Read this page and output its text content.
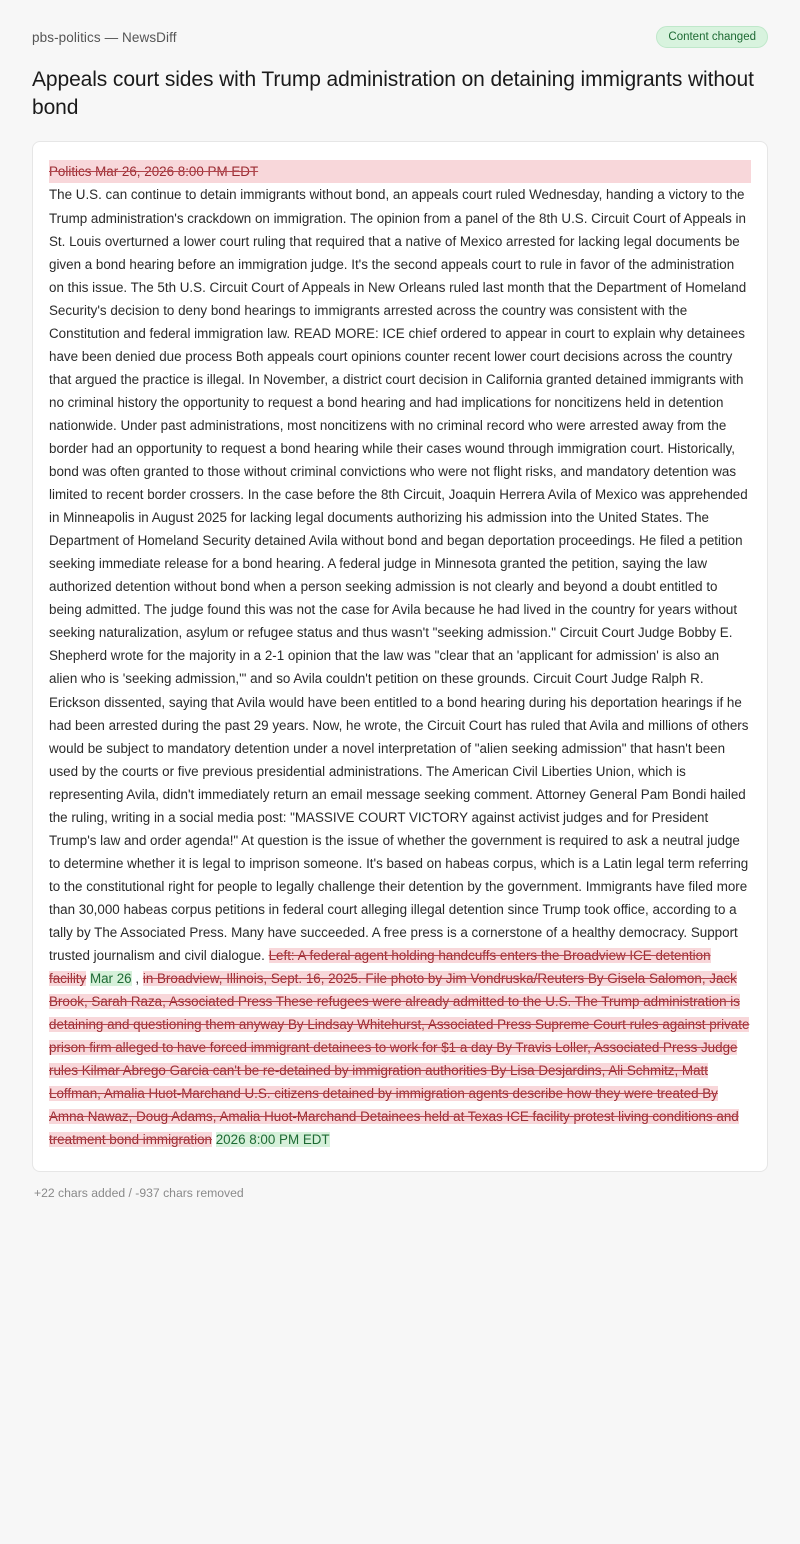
pbs-politics — NewsDiff	Content changed
Appeals court sides with Trump administration on detaining immigrants without bond
Politics Mar 26, 2026 8:00 PM EDT
The U.S. can continue to detain immigrants without bond, an appeals court ruled Wednesday, handing a victory to the Trump administration's crackdown on immigration. The opinion from a panel of the 8th U.S. Circuit Court of Appeals in St. Louis overturned a lower court ruling that required that a native of Mexico arrested for lacking legal documents be given a bond hearing before an immigration judge. It's the second appeals court to rule in favor of the administration on this issue. The 5th U.S. Circuit Court of Appeals in New Orleans ruled last month that the Department of Homeland Security's decision to deny bond hearings to immigrants arrested across the country was consistent with the Constitution and federal immigration law. READ MORE: ICE chief ordered to appear in court to explain why detainees have been denied due process Both appeals court opinions counter recent lower court decisions across the country that argued the practice is illegal. In November, a district court decision in California granted detained immigrants with no criminal history the opportunity to request a bond hearing and had implications for noncitizens held in detention nationwide. Under past administrations, most noncitizens with no criminal record who were arrested away from the border had an opportunity to request a bond hearing while their cases wound through immigration court. Historically, bond was often granted to those without criminal convictions who were not flight risks, and mandatory detention was limited to recent border crossers. In the case before the 8th Circuit, Joaquin Herrera Avila of Mexico was apprehended in Minneapolis in August 2025 for lacking legal documents authorizing his admission into the United States. The Department of Homeland Security detained Avila without bond and began deportation proceedings. He filed a petition seeking immediate release for a bond hearing. A federal judge in Minnesota granted the petition, saying the law authorized detention without bond when a person seeking admission is not clearly and beyond a doubt entitled to being admitted. The judge found this was not the case for Avila because he had lived in the country for years without seeking naturalization, asylum or refugee status and thus wasn't "seeking admission." Circuit Court Judge Bobby E. Shepherd wrote for the majority in a 2-1 opinion that the law was "clear that an 'applicant for admission' is also an alien who is 'seeking admission,'" and so Avila couldn't petition on these grounds. Circuit Court Judge Ralph R. Erickson dissented, saying that Avila would have been entitled to a bond hearing during his deportation hearings if he had been arrested during the past 29 years. Now, he wrote, the Circuit Court has ruled that Avila and millions of others would be subject to mandatory detention under a novel interpretation of "alien seeking admission" that hasn't been used by the courts or five previous presidential administrations. The American Civil Liberties Union, which is representing Avila, didn't immediately return an email message seeking comment. Attorney General Pam Bondi hailed the ruling, writing in a social media post: "MASSIVE COURT VICTORY against activist judges and for President Trump's law and order agenda!" At question is the issue of whether the government is required to ask a neutral judge to determine whether it is legal to imprison someone. It's based on habeas corpus, which is a Latin legal term referring to the constitutional right for people to legally challenge their detention by the government. Immigrants have filed more than 30,000 habeas corpus petitions in federal court alleging illegal detention since Trump took office, according to a tally by The Associated Press. Many have succeeded. A free press is a cornerstone of a healthy democracy. Support trusted journalism and civil dialogue. Left: A federal agent holding handcuffs enters the Broadview ICE detention facility Mar 26 , in Broadview, Illinois, Sept. 16, 2025. File photo by Jim Vondruska/Reuters By Gisela Salomon, Jack Brook, Sarah Raza, Associated Press These refugees were already admitted to the U.S. The Trump administration is detaining and questioning them anyway By Lindsay Whitehurst, Associated Press Supreme Court rules against private prison firm alleged to have forced immigrant detainees to work for $1 a day By Travis Loller, Associated Press Judge rules Kilmar Abrego Garcia can't be re-detained by immigration authorities By Lisa Desjardins, Ali Schmitz, Matt Loffman, Amalia Huot-Marchand U.S. citizens detained by immigration agents describe how they were treated By Amna Nawaz, Doug Adams, Amalia Huot-Marchand Detainees held at Texas ICE facility protest living conditions and treatment bond immigration 2026 8:00 PM EDT
+22 chars added / -937 chars removed
